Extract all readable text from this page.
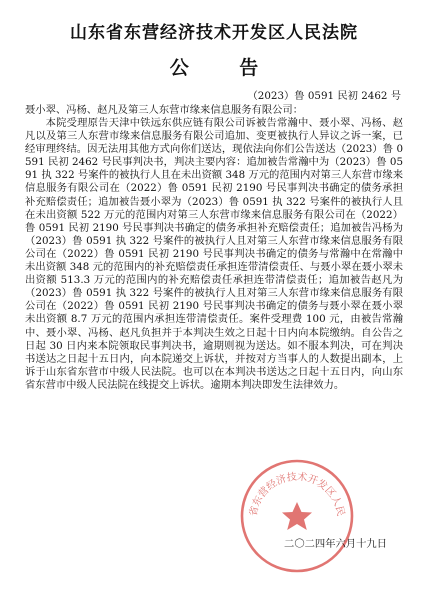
山东省东营经济技术开发区人民法院
公 告

（2023）鲁 0591 民初 2462 号

聂小翠、冯杨、赵凡及第三人东营市缘来信息服务有限公司：

本院受理原告天津中铁远东供应链有限公司诉被告常瀚中、聂小翠、冯杨、赵凡以及第三人东营市缘来信息服务有限公司追加、变更被执行人异议之诉一案，已经审理终结。因无法用其他方式向你们送达，现依法向你们公告送达（2023）鲁 0591 民初 2462 号民事判决书，判决主要内容：追加被告常瀚中为（2023）鲁 0591 执 322 号案件的被执行人且在未出资额 348 万元的范围内对第三人东营市缘来信息服务有限公司在（2022）鲁 0591 民初 2190 号民事判决书确定的债务承担补充赔偿责任；追加被告聂小翠为（2023）鲁 0591 执 322 号案件的被执行人且在未出资额 522 万元的范围内对第三人东营市缘来信息服务有限公司在（2022）鲁 0591 民初 2190 号民事判决书确定的债务承担补充赔偿责任；追加被告冯杨为（2023）鲁 0591 执 322 号案件的被执行人且对第三人东营市缘来信息服务有限公司在（2022）鲁 0591 民初 2190 号民事判决书确定的债务与常瀚中在常瀚中未出资额 348 元的范围内的补充赔偿责任承担连带清偿责任、与聂小翠在聂小翠未出资额 513.3 万元的范围内的补充赔偿责任承担连带清偿责任；追加被告赵凡为（2023）鲁 0591 执 322 号案件的被执行人且对第三人东营市缘来信息服务有限公司在（2022）鲁 0591 民初 2190 号民事判决书确定的债务与聂小翠在聂小翠未出资额 8.7 万元的范围内承担连带清偿责任。案件受理费 100 元，由被告常瀚中、聂小翠、冯杨、赵凡负担并于本判决生效之日起十日内向本院缴纳。自公告之日起 30 日内来本院领取民事判决书，逾期则视为送达。如不服本判决，可在判决书送达之日起十五日内，向本院递交上诉状，并按对方当事人的人数提出副本，上诉于山东省东营市中级人民法院。也可以在本判决书送达之日起十五日内，向山东省东营市中级人民法院在线提交上诉状。逾期本判决即发生法律效力。

省东营经济技术开发区人民
二〇二四年六月十九日
